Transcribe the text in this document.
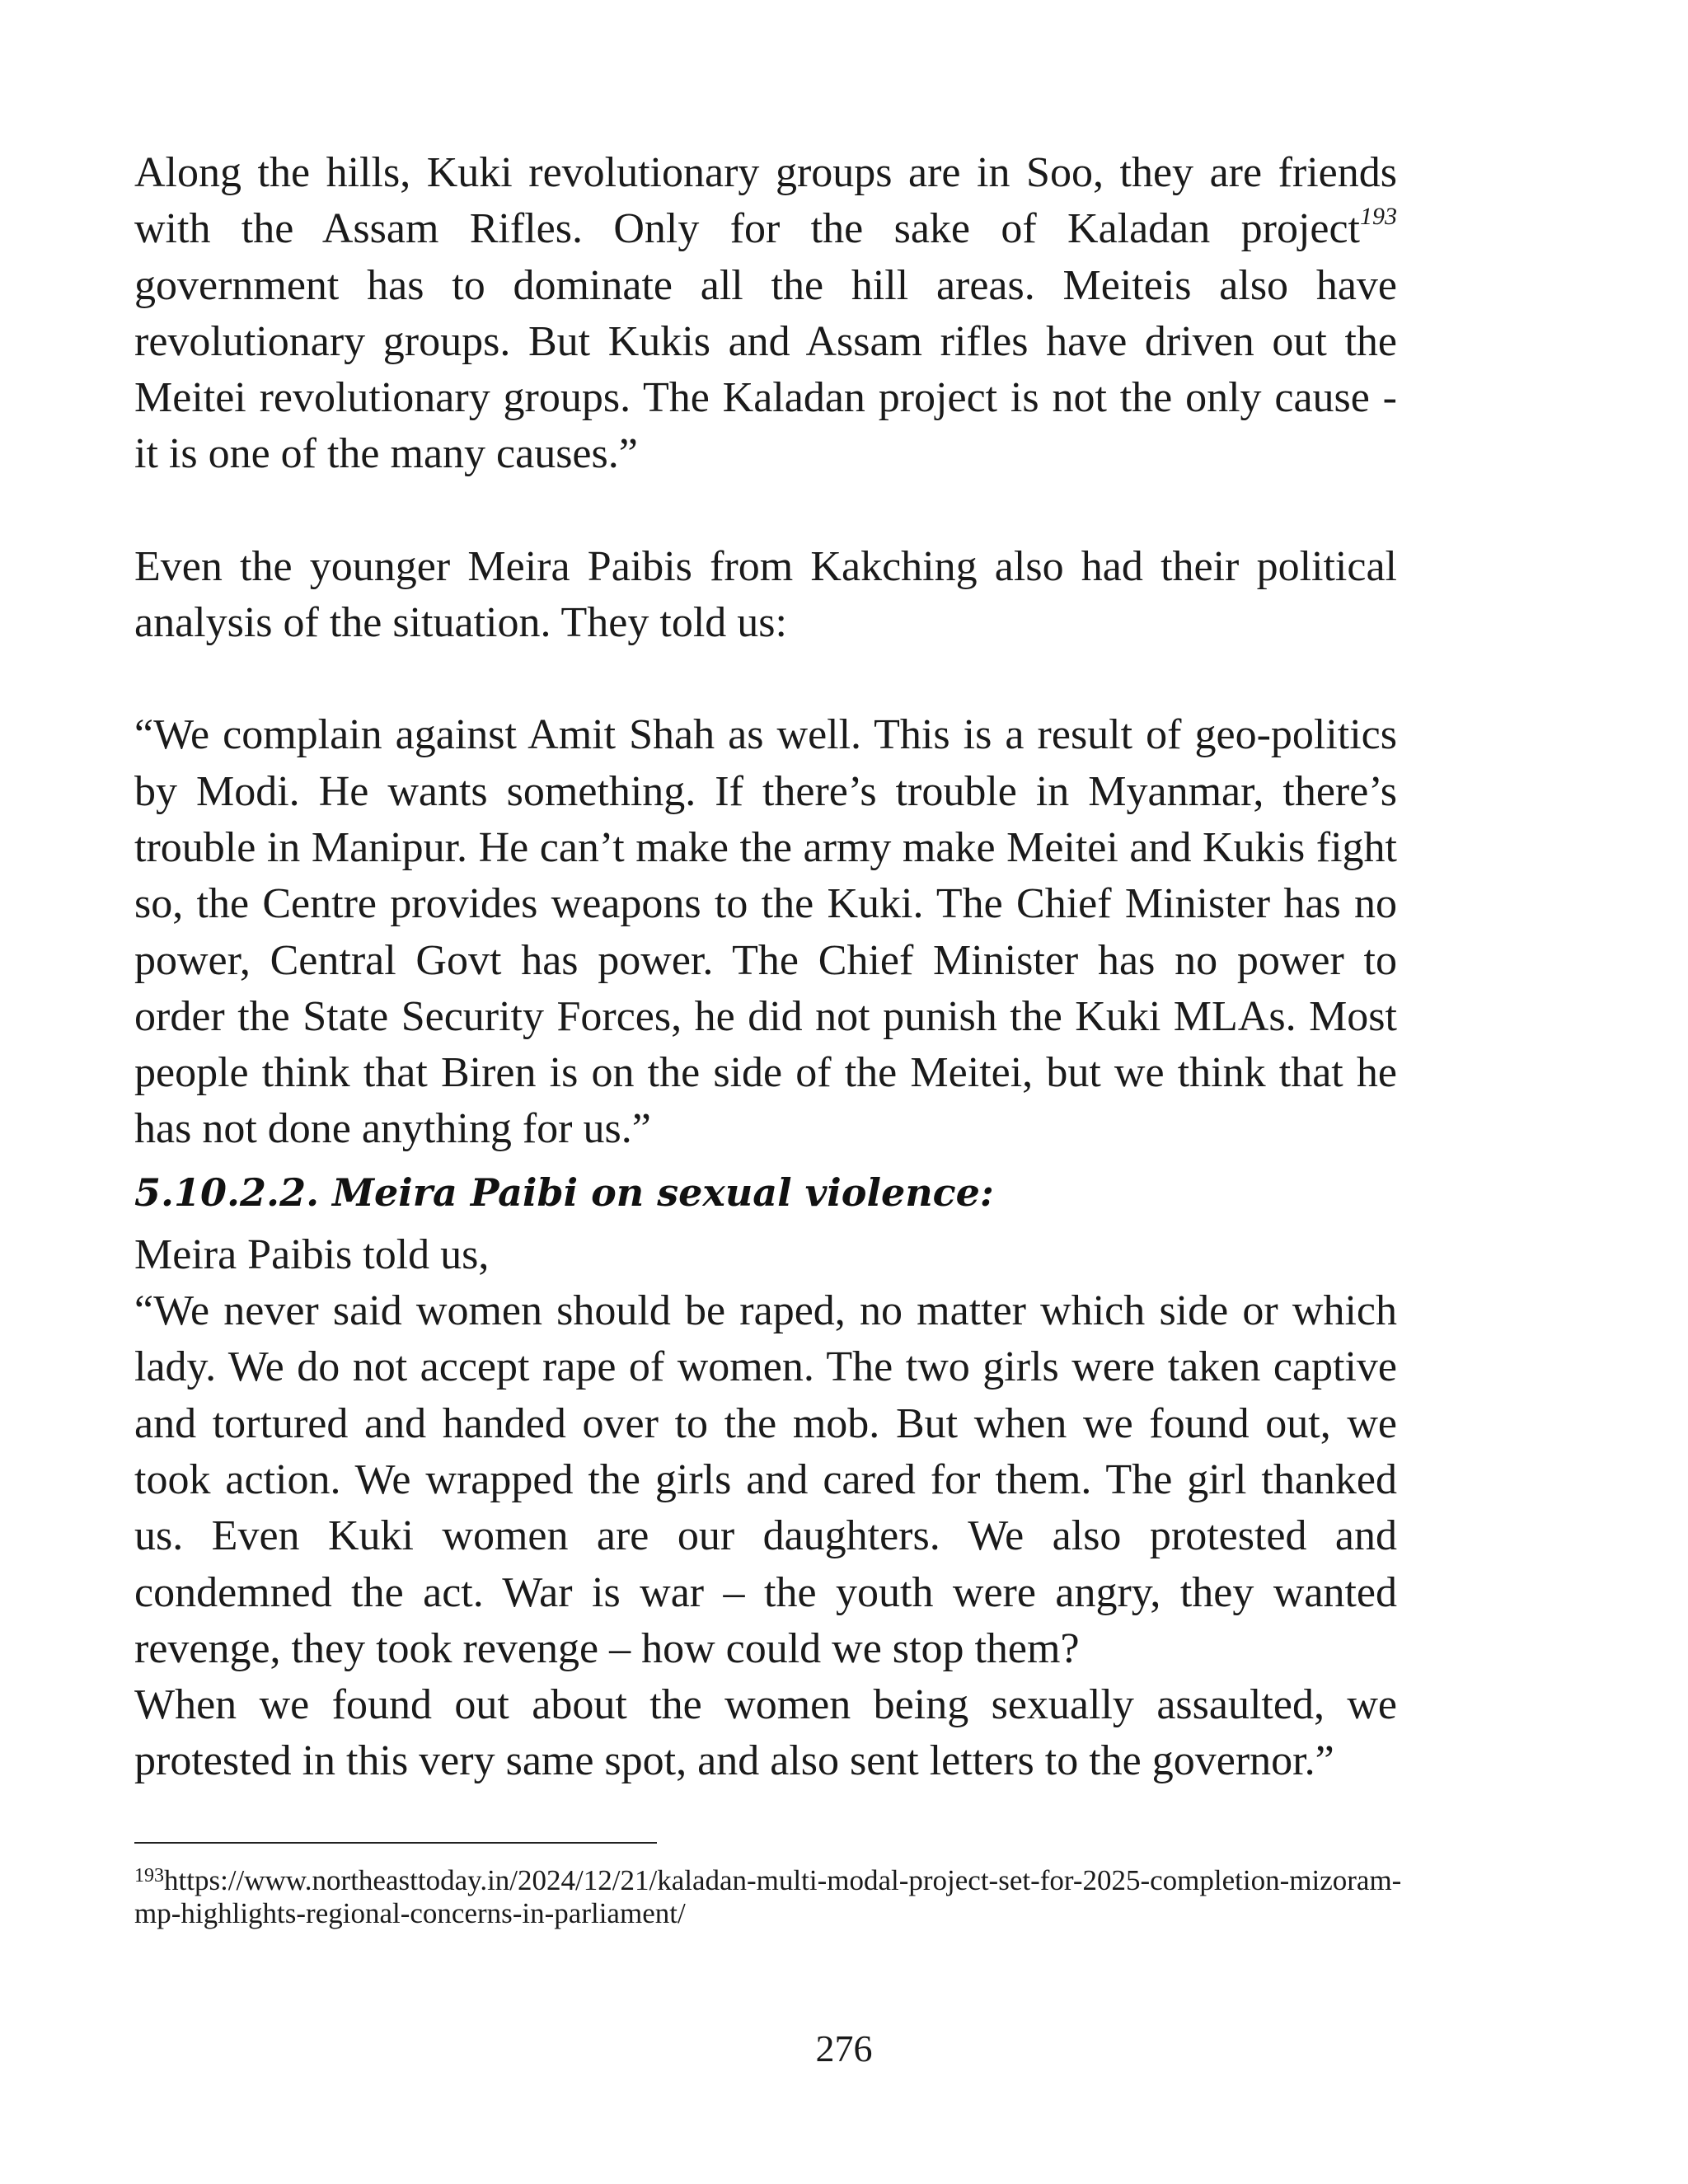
Along the hills, Kuki revolutionary groups are in Soo, they are friends with the Assam Rifles. Only for the sake of Kaladan project$^{193}$ government has to dominate all the hill areas. Meiteis also have revolutionary groups. But Kukis and Assam rifles have driven out the Meitei revolutionary groups. The Kaladan project is not the only cause - it is one of the many causes.”

Even the younger Meira Paibis from Kakching also had their political analysis of the situation. They told us:

“We complain against Amit Shah as well. This is a result of geo-politics by Modi. He wants something. If there’s trouble in Myanmar, there’s trouble in Manipur. He can’t make the army make Meitei and Kukis fight so, the Centre provides weapons to the Kuki. The Chief Minister has no power, Central Govt has power. The Chief Minister has no power to order the State Security Forces, he did not punish the Kuki MLAs. Most people think that Biren is on the side of the Meitei, but we think that he has not done anything for us.”

5.10.2.2. Meira Paibi on sexual violence:

Meira Paibis told us,

“We never said women should be raped, no matter which side or which lady. We do not accept rape of women. The two girls were taken captive and tortured and handed over to the mob. But when we found out, we took action. We wrapped the girls and cared for them. The girl thanked us. Even Kuki women are our daughters. We also protested and condemned the act. War is war – the youth were angry, they wanted revenge, they took revenge – how could we stop them?

When we found out about the women being sexually assaulted, we protested in this very same spot, and also sent letters to the governor.”

$^{193}$https://www.northeasttoday.in/2024/12/21/kaladan-multi-modal-project-set-for-2025-completion-mizoram-mp-highlights-regional-concerns-in-parliament/

276
